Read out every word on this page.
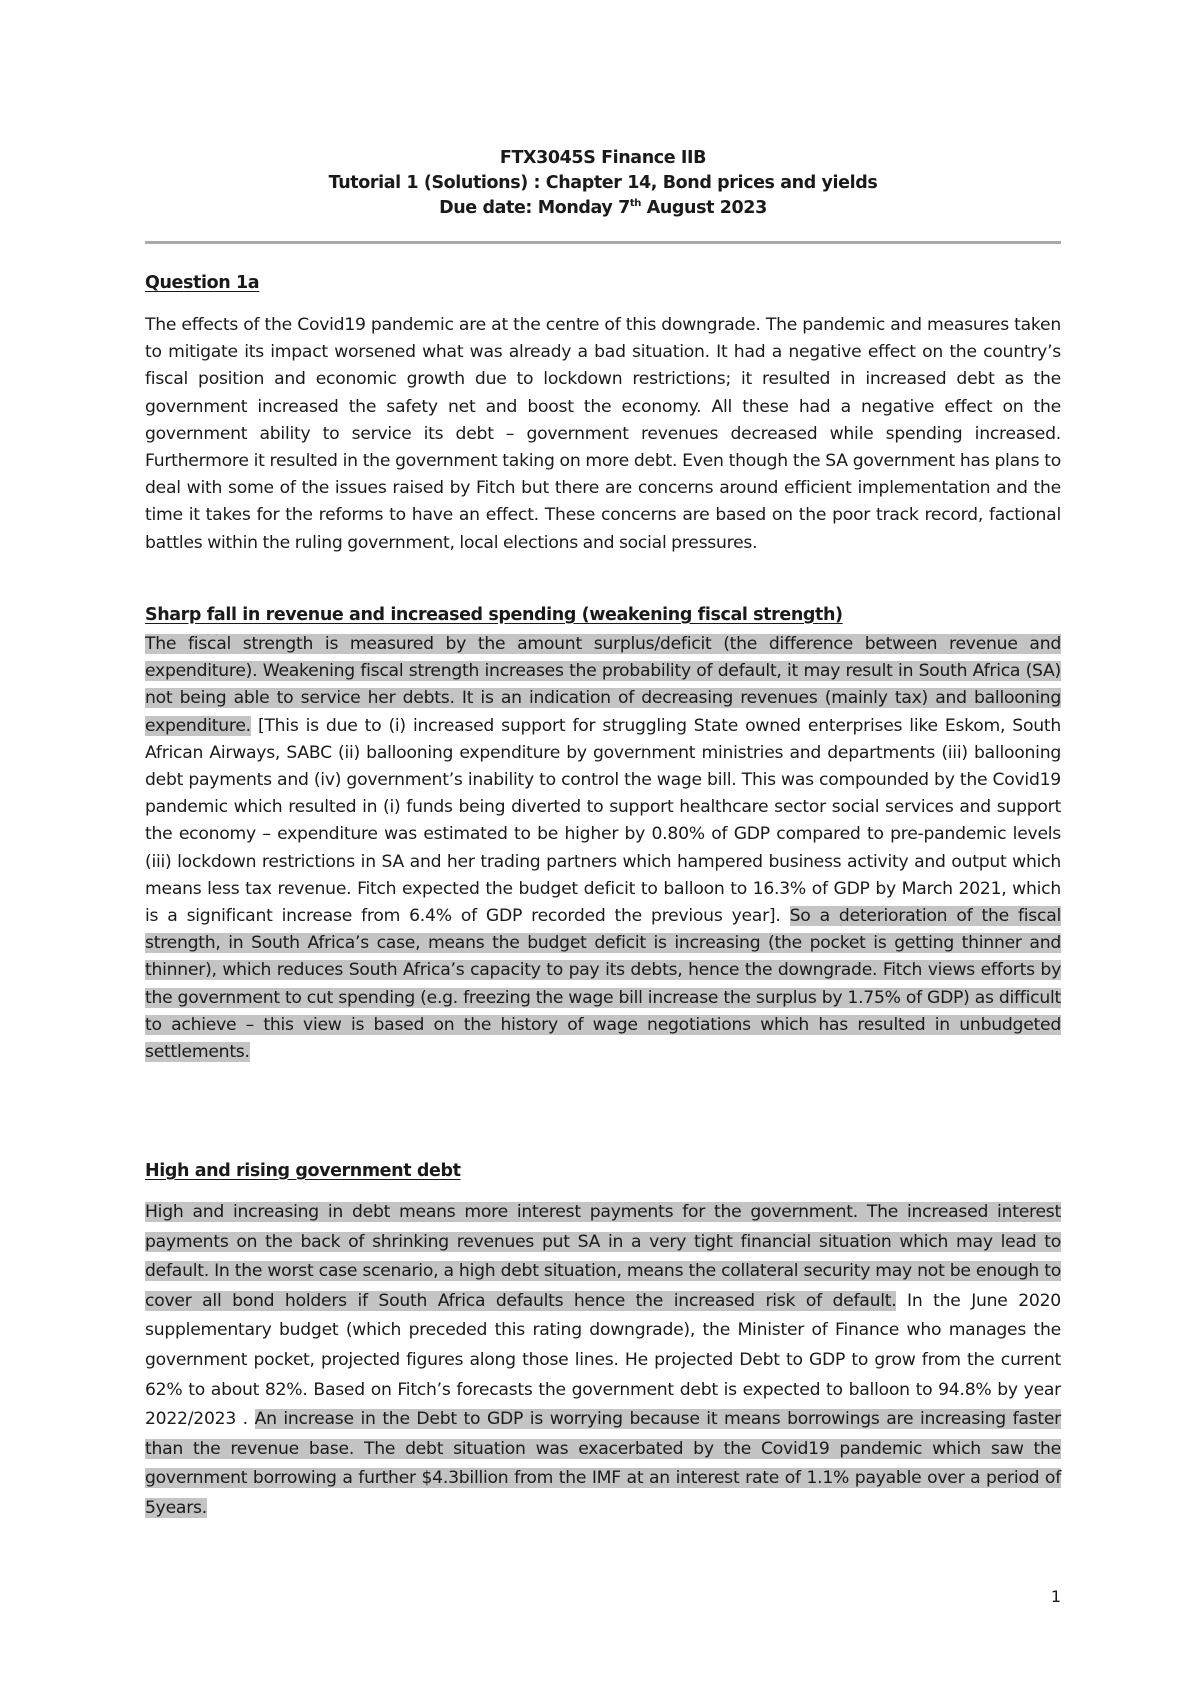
FTX3045S Finance IIB
Tutorial 1 (Solutions) : Chapter 14, Bond prices and yields
Due date: Monday 7th August 2023
Question 1a

The effects of the Covid19 pandemic are at the centre of this downgrade. The pandemic and measures taken to mitigate its impact worsened what was already a bad situation. It had a negative effect on the country’s fiscal position and economic growth due to lockdown restrictions; it resulted in increased debt as the government increased the safety net and boost the economy. All these had a negative effect on the government ability to service its debt – government revenues decreased while spending increased. Furthermore it resulted in the government taking on more debt. Even though the SA government has plans to deal with some of the issues raised by Fitch but there are concerns around efficient implementation and the time it takes for the reforms to have an effect. These concerns are based on the poor track record, factional battles within the ruling government, local elections and social pressures.

Sharp fall in revenue and increased spending (weakening fiscal strength)

The fiscal strength is measured by the amount surplus/deficit (the difference between revenue and expenditure). Weakening fiscal strength increases the probability of default, it may result in South Africa (SA) not being able to service her debts. It is an indication of decreasing revenues (mainly tax) and ballooning expenditure. [This is due to (i) increased support for struggling State owned enterprises like Eskom, South African Airways, SABC (ii) ballooning expenditure by government ministries and departments (iii) ballooning debt payments and (iv) government’s inability to control the wage bill. This was compounded by the Covid19 pandemic which resulted in (i) funds being diverted to support healthcare sector social services and support the economy – expenditure was estimated to be higher by 0.80% of GDP compared to pre-pandemic levels (iii) lockdown restrictions in SA and her trading partners which hampered business activity and output which means less tax revenue. Fitch expected the budget deficit to balloon to 16.3% of GDP by March 2021, which is a significant increase from 6.4% of GDP recorded the previous year]. So a deterioration of the fiscal strength, in South Africa’s case, means the budget deficit is increasing (the pocket is getting thinner and thinner), which reduces South Africa’s capacity to pay its debts, hence the downgrade. Fitch views efforts by the government to cut spending (e.g. freezing the wage bill increase the surplus by 1.75% of GDP) as difficult to achieve – this view is based on the history of wage negotiations which has resulted in unbudgeted settlements.

High and rising government debt

High and increasing in debt means more interest payments for the government. The increased interest payments on the back of shrinking revenues put SA in a very tight financial situation which may lead to default. In the worst case scenario, a high debt situation, means the collateral security may not be enough to cover all bond holders if South Africa defaults hence the increased risk of default. In the June 2020 supplementary budget (which preceded this rating downgrade), the Minister of Finance who manages the government pocket, projected figures along those lines. He projected Debt to GDP to grow from the current 62% to about 82%. Based on Fitch’s forecasts the government debt is expected to balloon to 94.8% by year 2022/2023 . An increase in the Debt to GDP is worrying because it means borrowings are increasing faster than the revenue base. The debt situation was exacerbated by the Covid19 pandemic which saw the government borrowing a further $4.3billion from the IMF at an interest rate of 1.1% payable over a period of 5years.

1
